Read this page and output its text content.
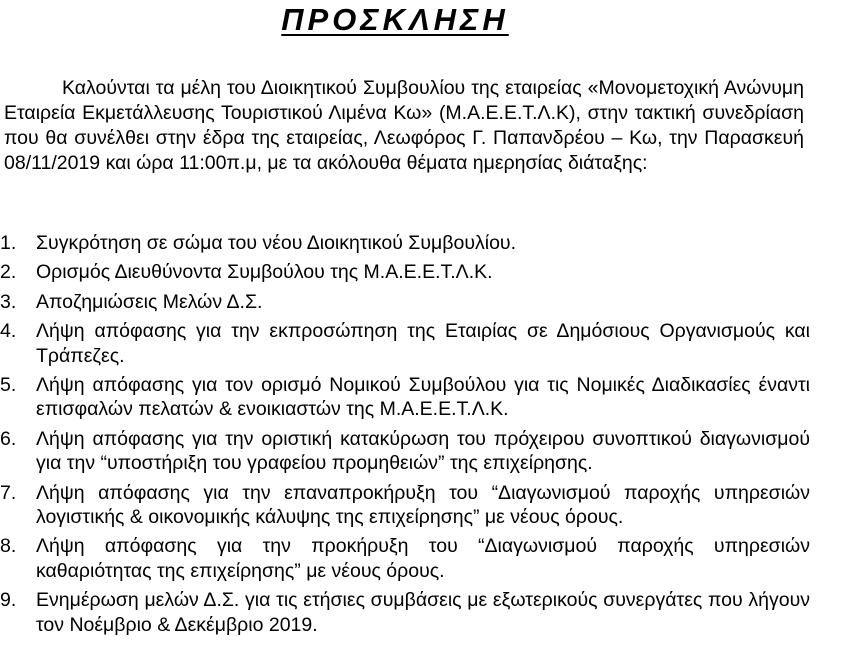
ΠΡΟΣΚΛΗΣΗ

Καλούνται τα μέλη του Διοικητικού Συμβουλίου της εταιρείας «Μονομετοχική Ανώνυμη Εταιρεία Εκμετάλλευσης Τουριστικού Λιμένα Κω» (Μ.Α.Ε.Ε.Τ.Λ.Κ), στην τακτική συνεδρίαση που θα συνέλθει στην έδρα της εταιρείας, Λεωφόρος Γ. Παπανδρέου – Κω, την Παρασκευή 08/11/2019 και ώρα 11:00π.μ, με τα ακόλουθα θέματα ημερησίας διάταξης:

1.	Συγκρότηση σε σώμα του νέου Διοικητικού Συμβουλίου.
2.	Ορισμός Διευθύνοντα Συμβούλου της Μ.Α.Ε.Ε.Τ.Λ.Κ.
3.	Αποζημιώσεις Μελών Δ.Σ.
4.	Λήψη απόφασης για την εκπροσώπηση της Εταιρίας σε Δημόσιους Οργανισμούς και Τράπεζες.
5.	Λήψη απόφασης για τον ορισμό Νομικού Συμβούλου για τις Νομικές Διαδικασίες έναντι επισφαλών πελατών & ενοικιαστών της Μ.Α.Ε.Ε.Τ.Λ.Κ.
6.	Λήψη απόφασης για την οριστική κατακύρωση του πρόχειρου συνοπτικού διαγωνισμού για την “υποστήριξη του γραφείου προμηθειών” της επιχείρησης.
7.	Λήψη απόφασης για την επαναπροκήρυξη του “Διαγωνισμού παροχής υπηρεσιών λογιστικής & οικονομικής κάλυψης της επιχείρησης” με νέους όρους.
8.	Λήψη απόφασης για την προκήρυξη του “Διαγωνισμού παροχής υπηρεσιών καθαριότητας της επιχείρησης” με νέους όρους.
9.	Ενημέρωση μελών Δ.Σ. για τις ετήσιες συμβάσεις με εξωτερικούς συνεργάτες που λήγουν τον Νοέμβριο & Δεκέμβριο 2019.
